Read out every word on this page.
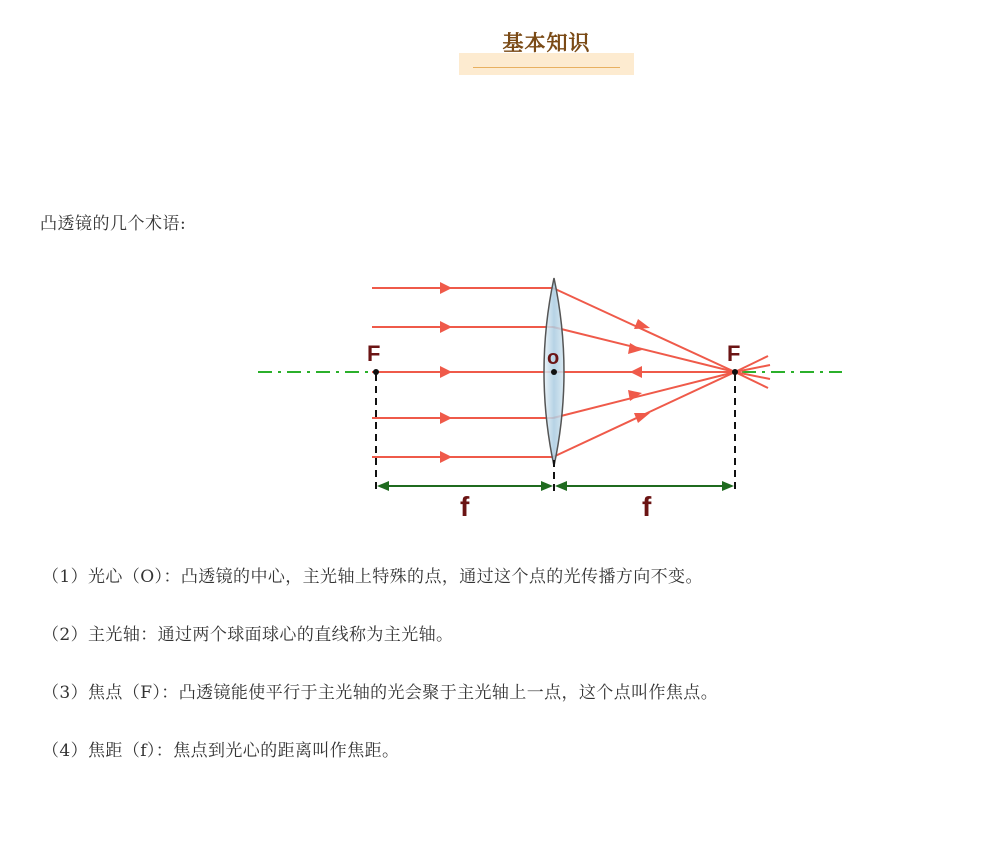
基本知识
凸透镜的几个术语:
F	o	F
f	f
（1）光心（O）：凸透镜的中心，主光轴上特殊的点，通过这个点的光传播方向不变。
（2）主光轴：通过两个球面球心的直线称为主光轴。
（3）焦点（F）：凸透镜能使平行于主光轴的光会聚于主光轴上一点，这个点叫作焦点。
（4）焦距（f）：焦点到光心的距离叫作焦距。
